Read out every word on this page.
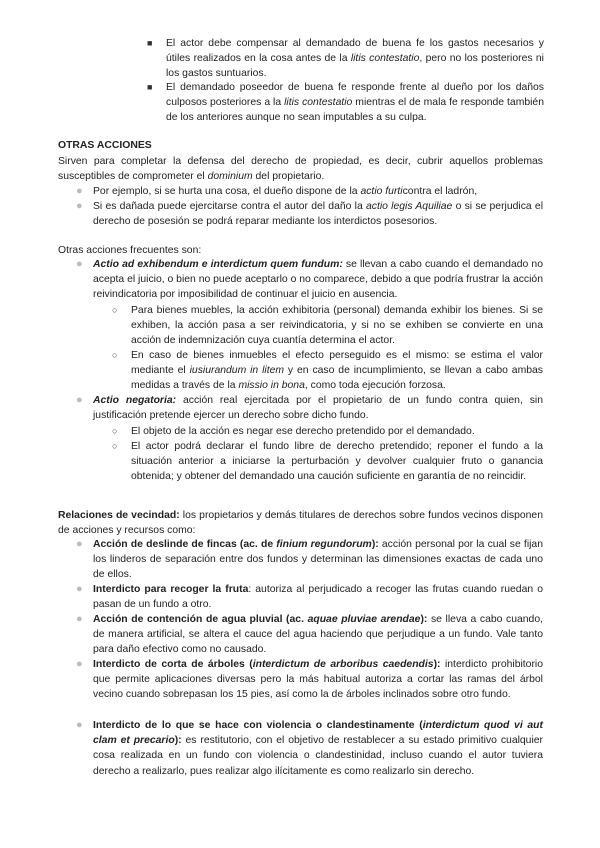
■ El actor debe compensar al demandado de buena fe los gastos necesarios y útiles realizados en la cosa antes de la litis contestatio, pero no los posteriores ni los gastos suntuarios.
■ El demandado poseedor de buena fe responde frente al dueño por los daños culposos posteriores a la litis contestatio mientras el de mala fe responde también de los anteriores aunque no sean imputables a su culpa.
OTRAS ACCIONES
Sirven para completar la defensa del derecho de propiedad, es decir, cubrir aquellos problemas susceptibles de comprometer el dominium del propietario.
● Por ejemplo, si se hurta una cosa, el dueño dispone de la actio furticontra el ladrón,
● Si es dañada puede ejercitarse contra el autor del daño la actio legis Aquiliae o si se perjudica el derecho de posesión se podrá reparar mediante los interdictos posesorios.
Otras acciones frecuentes son:
● Actio ad exhibendum e interdictum quem fundum: se llevan a cabo cuando el demandado no acepta el juicio, o bien no puede aceptarlo o no comparece, debido a que podría frustrar la acción reivindicatoria por imposibilidad de continuar el juicio en ausencia.
○ Para bienes muebles, la acción exhibitoria (personal) demanda exhibir los bienes. Si se exhiben, la acción pasa a ser reivindicatoria, y si no se exhiben se convierte en una acción de indemnización cuya cuantía determina el actor.
○ En caso de bienes inmuebles el efecto perseguido es el mismo: se estima el valor mediante el iusiurandum in litem y en caso de incumplimiento, se llevan a cabo ambas medidas a través de la missio in bona, como toda ejecución forzosa.
● Actio negatoria: acción real ejercitada por el propietario de un fundo contra quien, sin justificación pretende ejercer un derecho sobre dicho fundo.
○ El objeto de la acción es negar ese derecho pretendido por el demandado.
○ El actor podrá declarar el fundo libre de derecho pretendido; reponer el fundo a la situación anterior a iniciarse la perturbación y devolver cualquier fruto o ganancia obtenida; y obtener del demandado una caución suficiente en garantía de no reincidir.
Relaciones de vecindad: los propietarios y demás titulares de derechos sobre fundos vecinos disponen de acciones y recursos como:
● Acción de deslinde de fincas (ac. de finium regundorum): acción personal por la cual se fijan los linderos de separación entre dos fundos y determinan las dimensiones exactas de cada uno de ellos.
● Interdicto para recoger la fruta: autoriza al perjudicado a recoger las frutas cuando ruedan o pasan de un fundo a otro.
● Acción de contención de agua pluvial (ac. aquae pluviae arendae): se lleva a cabo cuando, de manera artificial, se altera el cauce del agua haciendo que perjudique a un fundo. Vale tanto para daño efectivo como no causado.
● Interdicto de corta de árboles (interdictum de arboribus caedendis): interdicto prohibitorio que permite aplicaciones diversas pero la más habitual autoriza a cortar las ramas del árbol vecino cuando sobrepasan los 15 pies, así como la de árboles inclinados sobre otro fundo.
● Interdicto de lo que se hace con violencia o clandestinamente (interdictum quod vi aut clam et precario): es restitutorio, con el objetivo de restablecer a su estado primitivo cualquier cosa realizada en un fundo con violencia o clandestinidad, incluso cuando el autor tuviera derecho a realizarlo, pues realizar algo ilícitamente es como realizarlo sin derecho.
